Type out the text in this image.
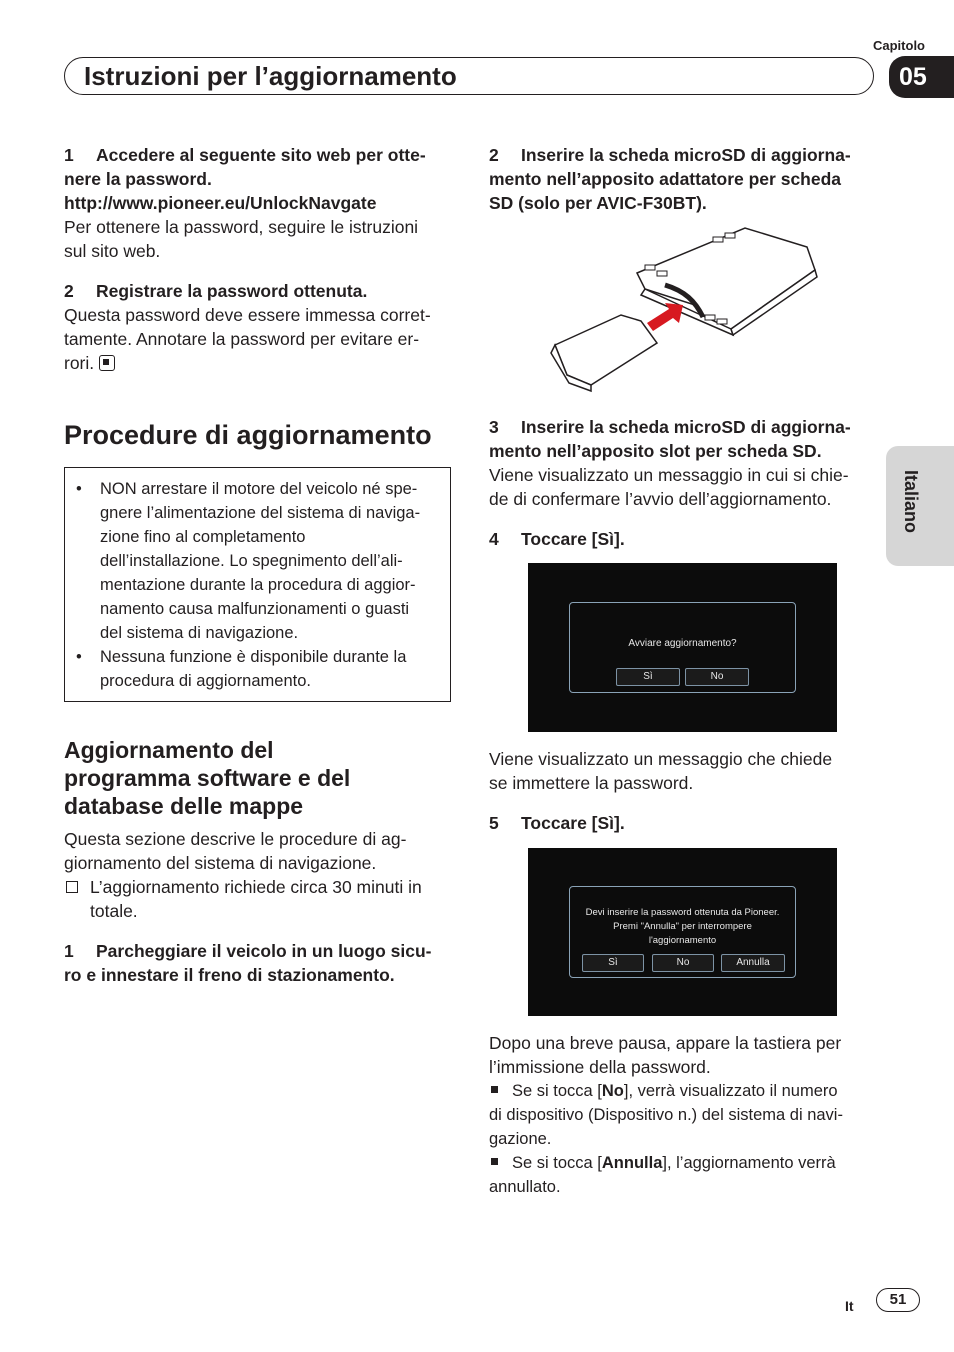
Capitolo
05
Istruzioni per l’aggiornamento
Italiano

1 Accedere al seguente sito web per otte-
nere la password.

http://www.pioneer.eu/UnlockNavgate

Per ottenere la password, seguire le istruzioni
sul sito web.

2 Registrare la password ottenuta.

Questa password deve essere immessa corret-
tamente. Annotare la password per evitare er-
rori.

Procedure di aggiornamento
• NON arrestare il motore del veicolo né spe-
gnere l’alimentazione del sistema di naviga-
zione fino al completamento
dell’installazione. Lo spegnimento dell’ali-
mentazione durante la procedura di aggior-
namento causa malfunzionamenti o guasti
del sistema di navigazione.
• Nessuna funzione è disponibile durante la
procedura di aggiornamento.
Aggiornamento del
programma software e del
database delle mappe

Questa sezione descrive le procedure di ag-
giornamento del sistema di navigazione.

L’aggiornamento richiede circa 30 minuti in
totale.

1 Parcheggiare il veicolo in un luogo sicu-
ro e innestare il freno di stazionamento.

2 Inserire la scheda microSD di aggiorna-
mento nell’apposito adattatore per scheda
SD (solo per AVIC-F30BT).

3 Inserire la scheda microSD di aggiorna-
mento nell’apposito slot per scheda SD.

Viene visualizzato un messaggio in cui si chie-
de di confermare l’avvio dell’aggiornamento.

4 Toccare [Sì].

Avviare aggiornamento?
Sì	No

Viene visualizzato un messaggio che chiede
se immettere la password.

5 Toccare [Sì].

Devi inserire la password ottenuta da Pioneer.
Premi "Annulla" per interrompere
l'aggiornamento
Sì	No	Annulla

Dopo una breve pausa, appare la tastiera per
l’immissione della password.

Se si tocca [No], verrà visualizzato il numero
di dispositivo (Dispositivo n.) del sistema di navi-
gazione.

Se si tocca [Annulla], l’aggiornamento verrà
annullato.

It	51
